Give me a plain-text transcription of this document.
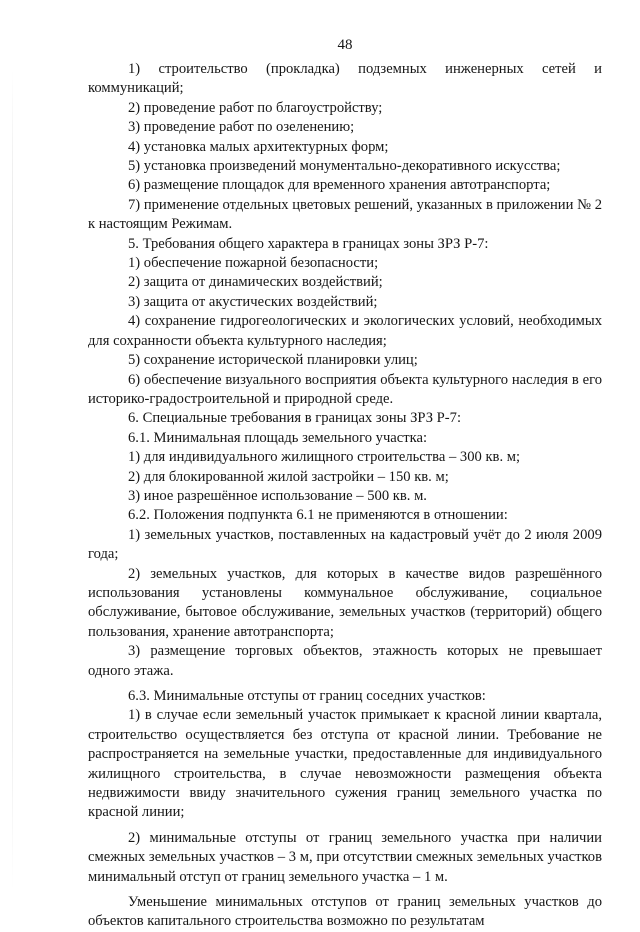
48

1) строительство (прокладка) подземных инженерных сетей и коммуникаций;

2) проведение работ по благоустройству;

3) проведение работ по озеленению;

4) установка малых архитектурных форм;

5) установка произведений монументально-декоративного искусства;

6) размещение площадок для временного хранения автотранспорта;

7) применение отдельных цветовых решений, указанных в приложении № 2 к настоящим Режимам.

5. Требования общего характера в границах зоны ЗРЗ Р-7:

1) обеспечение пожарной безопасности;

2) защита от динамических воздействий;

3) защита от акустических воздействий;

4) сохранение гидрогеологических и экологических условий, необходимых для сохранности объекта культурного наследия;

5) сохранение исторической планировки улиц;

6) обеспечение визуального восприятия объекта культурного наследия в его историко-градостроительной и природной среде.

6. Специальные требования в границах зоны ЗРЗ Р-7:

6.1. Минимальная площадь земельного участка:

1) для индивидуального жилищного строительства – 300 кв. м;

2) для блокированной жилой застройки – 150 кв. м;

3) иное разрешённое использование – 500 кв. м.

6.2. Положения подпункта 6.1 не применяются в отношении:

1) земельных участков, поставленных на кадастровый учёт до 2 июля 2009 года;

2) земельных участков, для которых в качестве видов разрешённого использования установлены коммунальное обслуживание, социальное обслуживание, бытовое обслуживание, земельных участков (территорий) общего пользования, хранение автотранспорта;

3) размещение торговых объектов, этажность которых не превышает одного этажа.

6.3. Минимальные отступы от границ соседних участков:

1) в случае если земельный участок примыкает к красной линии квартала, строительство осуществляется без отступа от красной линии. Требование не распространяется на земельные участки, предоставленные для индивидуального жилищного строительства, в случае невозможности размещения объекта недвижимости ввиду значительного сужения границ земельного участка по красной линии;

2) минимальные отступы от границ земельного участка при наличии смежных земельных участков – 3 м, при отсутствии смежных земельных участков минимальный отступ от границ земельного участка – 1 м.

Уменьшение минимальных отступов от границ земельных участков до объектов капитального строительства возможно по результатам
